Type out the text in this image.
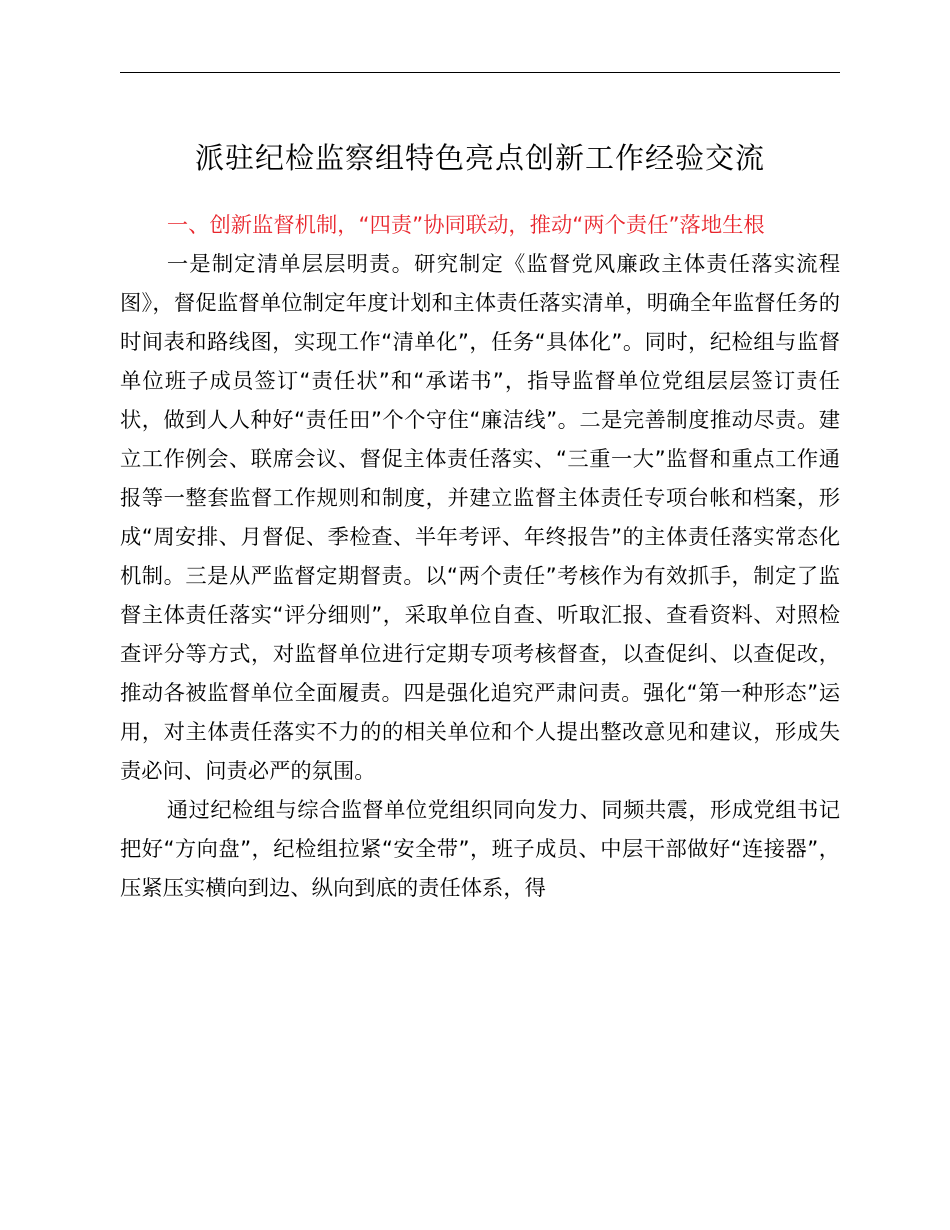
派驻纪检监察组特色亮点创新工作经验交流

一、创新监督机制，“四责”协同联动，推动“两个责任”落地生根

一是制定清单层层明责。研究制定《监督党风廉政主体责任落实流程图》，督促监督单位制定年度计划和主体责任落实清单，明确全年监督任务的时间表和路线图，实现工作“清单化”，任务“具体化”。同时，纪检组与监督单位班子成员签订“责任状”和“承诺书”，指导监督单位党组层层签订责任状，做到人人种好“责任田”个个守住“廉洁线”。二是完善制度推动尽责。建立工作例会、联席会议、督促主体责任落实、“三重一大”监督和重点工作通报等一整套监督工作规则和制度，并建立监督主体责任专项台帐和档案，形成“周安排、月督促、季检查、半年考评、年终报告”的主体责任落实常态化机制。三是从严监督定期督责。以“两个责任”考核作为有效抓手，制定了监督主体责任落实“评分细则”，采取单位自查、听取汇报、查看资料、对照检查评分等方式，对监督单位进行定期专项考核督查，以查促纠、以查促改，推动各被监督单位全面履责。四是强化追究严肃问责。强化“第一种形态”运用，对主体责任落实不力的的相关单位和个人提出整改意见和建议，形成失责必问、问责必严的氛围。

通过纪检组与综合监督单位党组织同向发力、同频共震，形成党组书记把好“方向盘”，纪检组拉紧“安全带”，班子成员、中层干部做好“连接器”，压紧压实横向到边、纵向到底的责任体系，得
